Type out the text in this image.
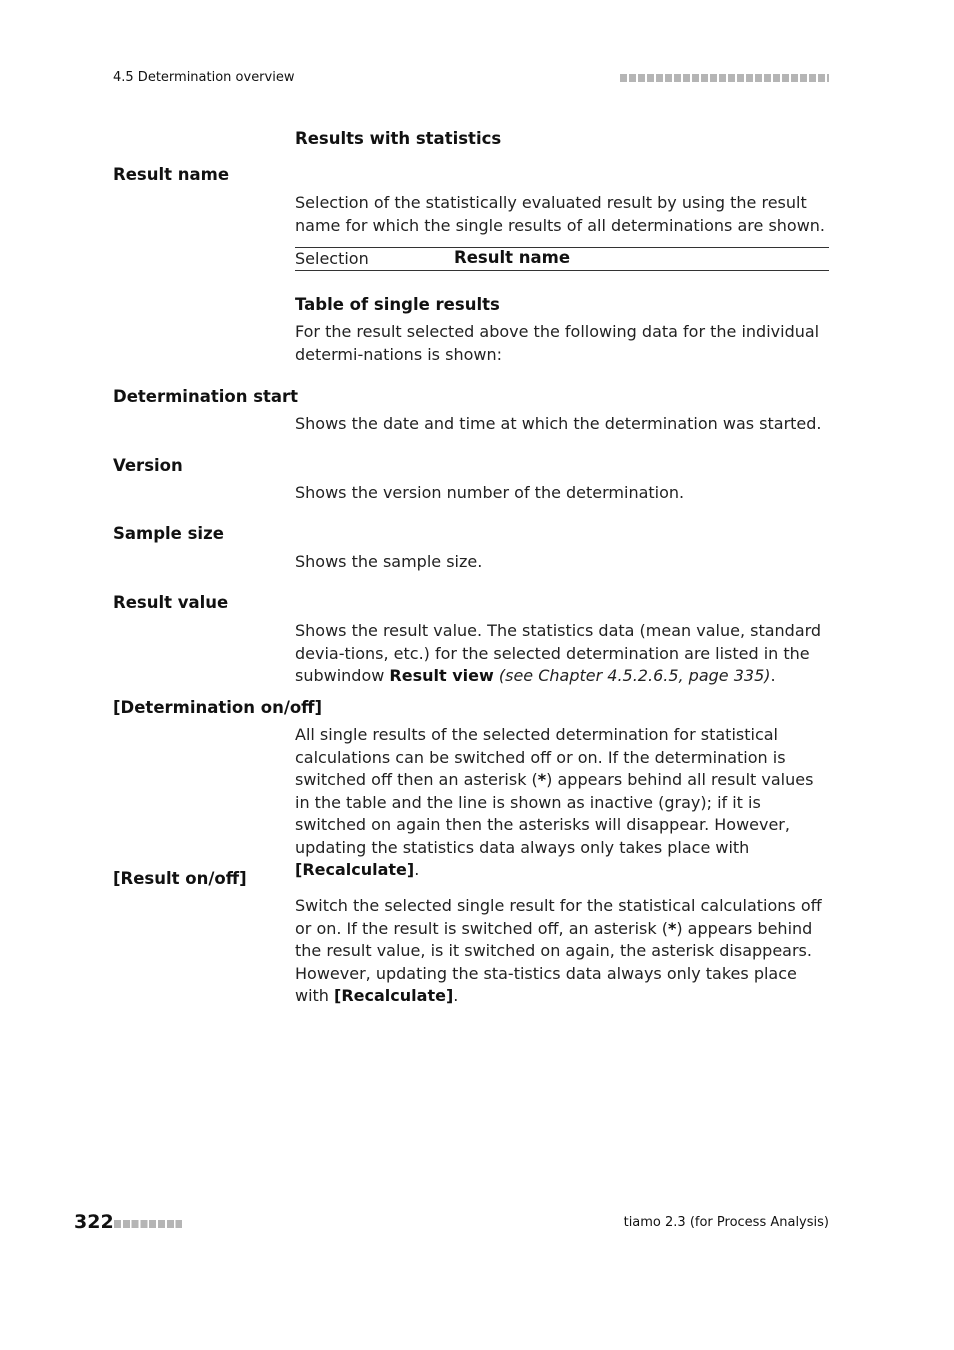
4.5 Determination overview
Results with statistics
Result name
Selection of the statistically evaluated result by using the result name for which the single results of all determinations are shown.
Selection	Result name
Table of single results
For the result selected above the following data for the individual determi-nations is shown:
Determination start
Shows the date and time at which the determination was started.
Version
Shows the version number of the determination.
Sample size
Shows the sample size.
Result value
Shows the result value. The statistics data (mean value, standard devia-tions, etc.) for the selected determination are listed in the subwindow Result view (see Chapter 4.5.2.6.5, page 335).
[Determination on/off]
All single results of the selected determination for statistical calculations can be switched off or on. If the determination is switched off then an asterisk (*) appears behind all result values in the table and the line is shown as inactive (gray); if it is switched on again then the asterisks will disappear. However, updating the statistics data always only takes place with [Recalculate].
[Result on/off]
Switch the selected single result for the statistical calculations off or on. If the result is switched off, an asterisk (*) appears behind the result value, is it switched on again, the asterisk disappears. However, updating the sta-tistics data always only takes place with [Recalculate].
322	tiamo 2.3 (for Process Analysis)
